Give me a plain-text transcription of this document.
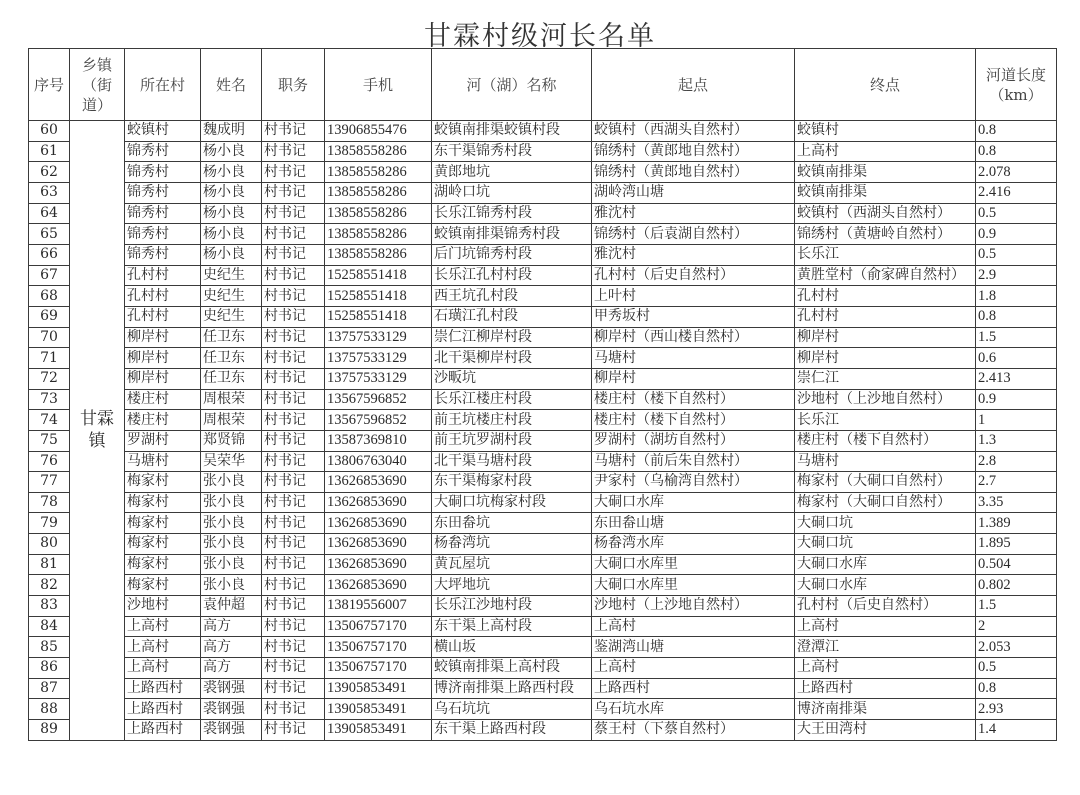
甘霖村级河长名单
序号	乡镇（街道）	所在村	姓名	职务	手机	河（湖）名称	起点	终点	河道长度（km）
60	甘霖镇	蛟镇村	魏成明	村书记	13906855476	蛟镇南排渠蛟镇村段	蛟镇村（西湖头自然村）	蛟镇村	0.8
61		锦秀村	杨小良	村书记	13858558286	东干渠锦秀村段	锦绣村（黄郎地自然村）	上高村	0.8
62		锦秀村	杨小良	村书记	13858558286	黄郎地坑	锦绣村（黄郎地自然村）	蛟镇南排渠	2.078
63		锦秀村	杨小良	村书记	13858558286	湖岭口坑	湖岭湾山塘	蛟镇南排渠	2.416
64		锦秀村	杨小良	村书记	13858558286	长乐江锦秀村段	雅沈村	蛟镇村（西湖头自然村）	0.5
65		锦秀村	杨小良	村书记	13858558286	蛟镇南排渠锦秀村段	锦绣村（后袁湖自然村）	锦绣村（黄塘岭自然村）	0.9
66		锦秀村	杨小良	村书记	13858558286	后门坑锦秀村段	雅沈村	长乐江	0.5
67		孔村村	史纪生	村书记	15258551418	长乐江孔村村段	孔村村（后史自然村）	黄胜堂村（俞家碑自然村）	2.9
68		孔村村	史纪生	村书记	15258551418	西王坑孔村段	上叶村	孔村村	1.8
69		孔村村	史纪生	村书记	15258551418	石璜江孔村段	甲秀坂村	孔村村	0.8
70		柳岸村	任卫东	村书记	13757533129	崇仁江柳岸村段	柳岸村（西山楼自然村）	柳岸村	1.5
71		柳岸村	任卫东	村书记	13757533129	北干渠柳岸村段	马塘村	柳岸村	0.6
72		柳岸村	任卫东	村书记	13757533129	沙畈坑	柳岸村	崇仁江	2.413
73		楼庄村	周根荣	村书记	13567596852	长乐江楼庄村段	楼庄村（楼下自然村）	沙地村（上沙地自然村）	0.9
74		楼庄村	周根荣	村书记	13567596852	前王坑楼庄村段	楼庄村（楼下自然村）	长乐江	1
75		罗湖村	郑贤锦	村书记	13587369810	前王坑罗湖村段	罗湖村（湖坊自然村）	楼庄村（楼下自然村）	1.3
76		马塘村	吴荣华	村书记	13806763040	北干渠马塘村段	马塘村（前后朱自然村）	马塘村	2.8
77		梅家村	张小良	村书记	13626853690	东干渠梅家村段	尹家村（乌榆湾自然村）	梅家村（大硐口自然村）	2.7
78		梅家村	张小良	村书记	13626853690	大硐口坑梅家村段	大硐口水库	梅家村（大硐口自然村）	3.35
79		梅家村	张小良	村书记	13626853690	东田畚坑	东田畚山塘	大硐口坑	1.389
80		梅家村	张小良	村书记	13626853690	杨畚湾坑	杨畚湾水库	大硐口坑	1.895
81		梅家村	张小良	村书记	13626853690	黄瓦屋坑	大硐口水库里	大硐口水库	0.504
82		梅家村	张小良	村书记	13626853690	大坪地坑	大硐口水库里	大硐口水库	0.802
83		沙地村	袁仲超	村书记	13819556007	长乐江沙地村段	沙地村（上沙地自然村）	孔村村（后史自然村）	1.5
84		上高村	高方	村书记	13506757170	东干渠上高村段	上高村	上高村	2
85		上高村	高方	村书记	13506757170	横山坂	鉴湖湾山塘	澄潭江	2.053
86		上高村	高方	村书记	13506757170	蛟镇南排渠上高村段	上高村	上高村	0.5
87		上路西村	裘钢强	村书记	13905853491	博济南排渠上路西村段	上路西村	上路西村	0.8
88		上路西村	裘钢强	村书记	13905853491	乌石坑坑	乌石坑水库	博济南排渠	2.93
89		上路西村	裘钢强	村书记	13905853491	东干渠上路西村段	蔡王村（下蔡自然村）	大王田湾村	1.4
